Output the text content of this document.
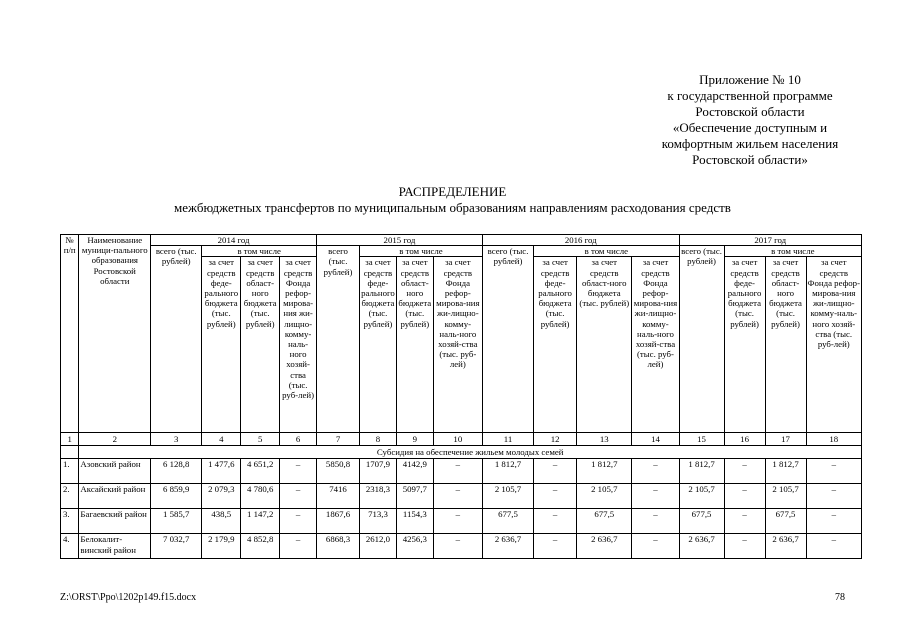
Приложение № 10
к государственной программе
Ростовской области
«Обеспечение доступным и
комфортным жильем населения
Ростовской области»
РАСПРЕДЕЛЕНИЕ
межбюджетных трансфертов по муниципальным образованиям направлениям расходования средств
№ п/п	Наименование муници-пального образования Ростовской области	2014 год				2015 год				2016 год				2017 год			
		всего (тыс. рублей)	в том числе			всего (тыс. рублей)	в том числе			всего (тыс. рублей)	в том числе			всего (тыс. рублей)	в том числе		
			за счет средств феде-рального бюджета (тыс. рублей)	за счет средств област-ного бюджета (тыс. рублей)	за счет средств Фонда рефор-мирова-ния жи-лищно-комму-наль-ного хозяй-ства (тыс. руб-лей)		за счет средств феде-рального бюджета (тыс. рублей)	за счет средств област-ного бюджета (тыс. рублей)	за счет средств Фонда рефор-мирова-ния жи-лищно-комму-наль-ного хозяй-ства (тыс. руб-лей)		за счет средств феде-рального бюджета (тыс. рублей)	за счет средств област-ного бюджета (тыс. рублей)	за счет средств Фонда рефор-мирова-ния жи-лищно-комму-наль-ного хозяй-ства (тыс. руб-лей)		за счет средств феде-рального бюджета (тыс. рублей)	за счет средств област-ного бюджета (тыс. рублей)	за счет средств Фонда рефор-мирова-ния жи-лищно-комму-наль-ного хозяй-ства (тыс. руб-лей)
1	2	3	4	5	6	7	8	9	10	11	12	13	14	15	16	17	18
	Субсидия на обеспечение жильем молодых семей																
1.	Азовский район	6 128,8	1 477,6	4 651,2	–	5850,8	1707,9	4142,9	–	1 812,7	–	1 812,7	–	1 812,7	–	1 812,7	–
2.	Аксайский район	6 859,9	2 079,3	4 780,6	–	7416	2318,3	5097,7	–	2 105,7	–	2 105,7	–	2 105,7	–	2 105,7	–
3.	Багаевский район	1 585,7	438,5	1 147,2	–	1867,6	713,3	1154,3	–	677,5	–	677,5	–	677,5	–	677,5	–
4.	Белокалит-винский район	7 032,7	2 179,9	4 852,8	–	6868,3	2612,0	4256,3	–	2 636,7	–	2 636,7	–	2 636,7	–	2 636,7	–
Z:\ORST\Ppo\1202p149.f15.docx	78
